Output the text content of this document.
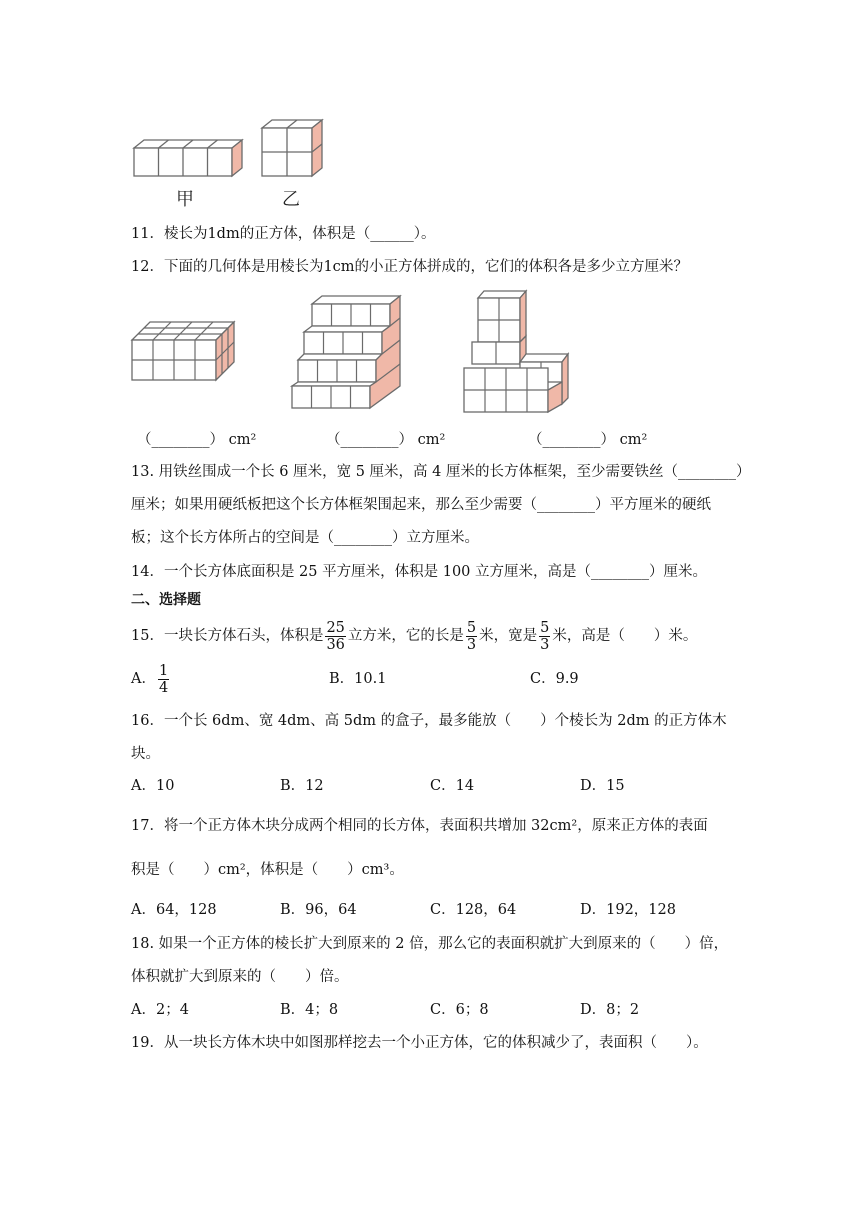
甲	乙
11．棱长为1dm的正方体，体积是（______）。
12．下面的几何体是用棱长为1cm的小正方体拼成的，它们的体积各是多少立方厘米？
（________） cm²	（________） cm²	（________） cm²
13. 用铁丝围成一个长 6 厘米，宽 5 厘米，高 4 厘米的长方体框架，至少需要铁丝（________）
厘米；如果用硬纸板把这个长方体框架围起来，那么至少需要（________）平方厘米的硬纸
板；这个长方体所占的空间是（________）立方厘米。
14．一个长方体底面积是 25 平方厘米，体积是 100 立方厘米，高是（________）厘米。
二、选择题
15．一块长方体石头，体积是 $\frac{25}{36}$ 立方米，它的长是 $\frac{5}{3}$ 米，宽是 $\frac{5}{3}$ 米，高是（　　）米。
A． $\frac{1}{4}$	B．10.1	C．9.9
16．一个长 6dm、宽 4dm、高 5dm 的盒子，最多能放（　　）个棱长为 2dm 的正方体木
块。
A．10	B．12	C．14	D．15
17．将一个正方体木块分成两个相同的长方体，表面积共增加 32cm²，原来正方体的表面
积是（　　）cm²，体积是（　　）cm³。
A．64，128	B．96，64	C．128，64	D．192，128
18. 如果一个正方体的棱长扩大到原来的 2 倍，那么它的表面积就扩大到原来的（　　）倍，
体积就扩大到原来的（　　）倍。
A．2；4	B．4；8	C．6；8	D．8；2
19．从一块长方体木块中如图那样挖去一个小正方体，它的体积减少了，表面积（　　）。
